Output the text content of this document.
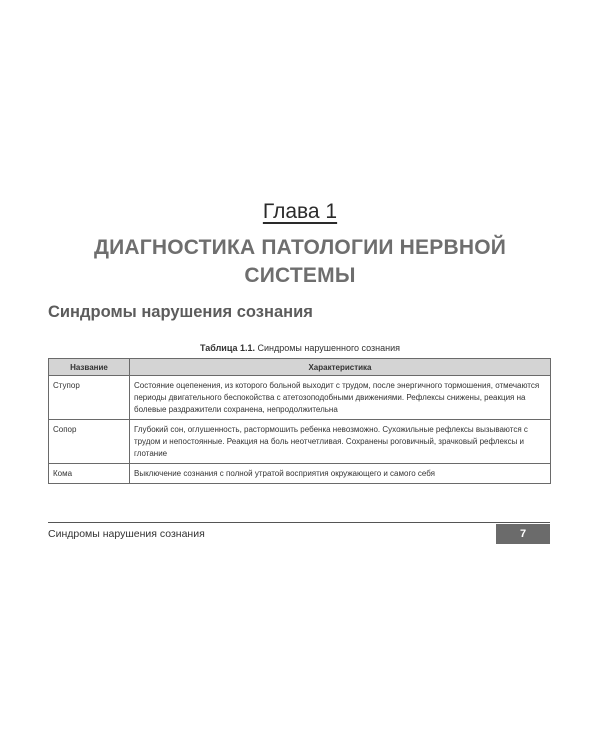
Глава 1
ДИАГНОСТИКА ПАТОЛОГИИ НЕРВНОЙ
СИСТЕМЫ
Синдромы нарушения сознания
Таблица 1.1. Синдромы нарушенного сознания
Название	Характеристика
Ступор	Состояние оцепенения, из которого больной выходит с трудом, после энергичного тормошения, отмечаются периоды двигательного беспокойства с атетозоподобными движениями. Рефлексы снижены, реакция на болевые раздражители сохранена, непродолжительна
Сопор	Глубокий сон, оглушенность, растормошить ребенка невозможно. Сухожильные рефлексы вызываются с трудом и непостоянные. Реакция на боль неотчетливая. Сохранены роговичный, зрачковый рефлексы и глотание
Кома	Выключение сознания с полной утратой восприятия окружающего и самого себя
Синдромы нарушения сознания	7
